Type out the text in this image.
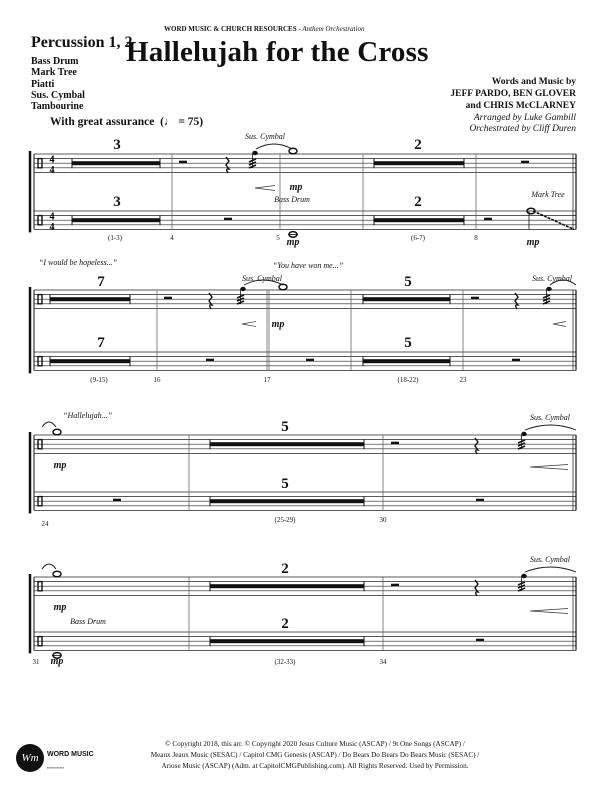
WORD MUSIC & CHURCH RESOURCES - Anthem Orchestration
Percussion 1, 2
Hallelujah for the Cross
Bass Drum
Mark Tree
Piatti
Sus. Cymbal
Tambourine
Words and Music by
JEFF PARDO, BEN GLOVER
and CHRIS McCLARNEY
Arranged by Luke Gambill
Orchestrated by Cliff Duren
With great assurance (♩ = 75)
4
4
4
4
3
3
2
2
(1-3)	4	5	(6-7)	8
Sus. Cymbal
Bass Drum
Mark Tree
mp
mp	mp
“I would be hopeless...”	“You have won me...”
7
7
5
5
(9-15)	16	17	(18-22)	23
Sus. Cymbal	Sus. Cymbal
mp
“Hallelujah...”
5
5
(25-29)
24	30
Sus. Cymbal
mp
2
2
(32-33)
31	34
Sus. Cymbal
Bass Drum
mp
mp
Wm	WORD MUSIC
▪▪▪▪▪▪▪▪▪▪▪▪
© Copyright 2018, this arr. © Copyright 2020 Jesus Culture Music (ASCAP) / 9t One Songs (ASCAP) /
Meaux Jeaux Music (SESAC) / Capitol CMG Genesis (ASCAP) / Do Bears Do Bears Do Bears Music (SESAC) /
Ariose Music (ASCAP) (Adm. at CapitolCMGPublishing.com). All Rights Reserved. Used by Permission.
